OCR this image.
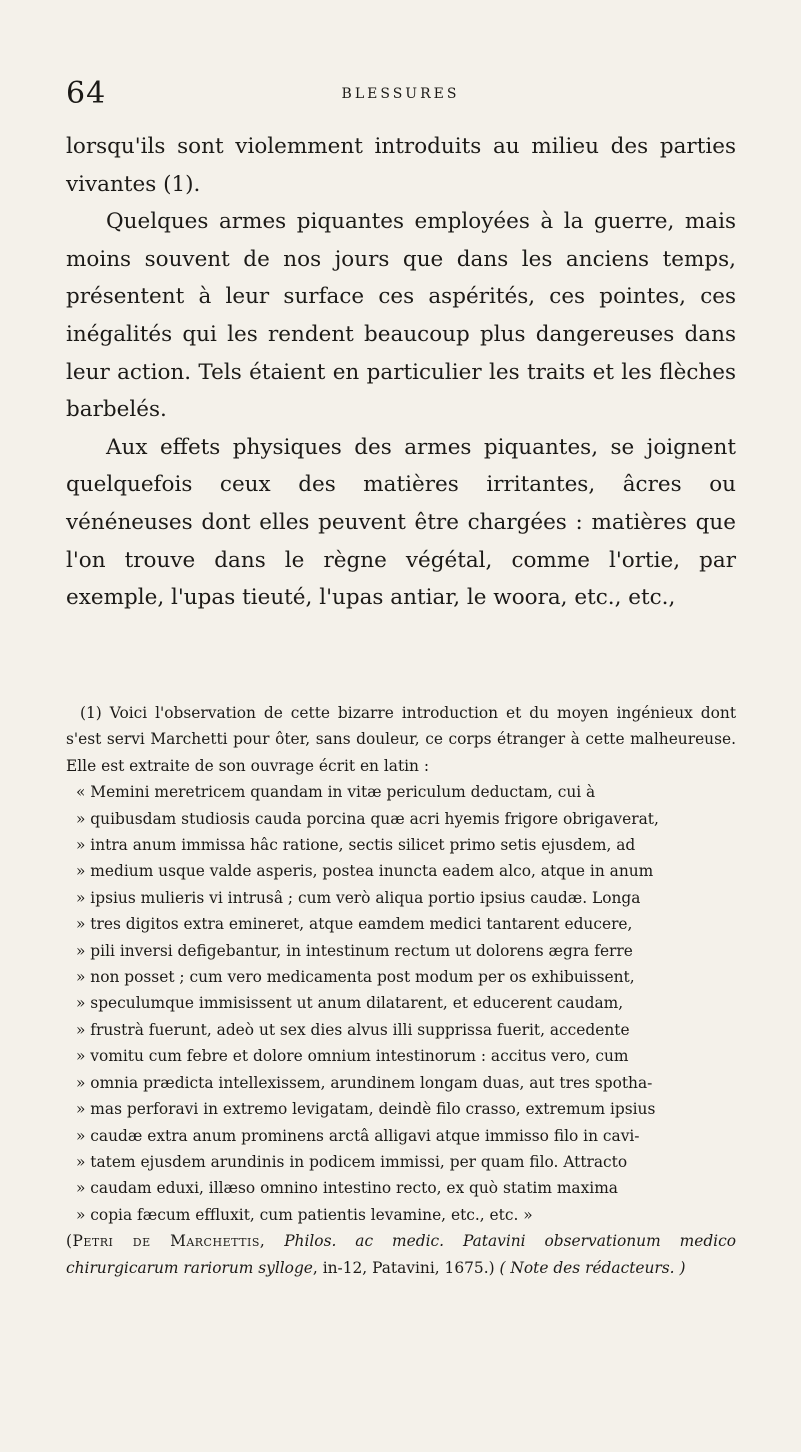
64	BLESSURES

lorsqu'ils sont violemment introduits au milieu des parties vivantes (1).

Quelques armes piquantes employées à la guerre, mais moins souvent de nos jours que dans les anciens temps, présentent à leur surface ces aspérités, ces pointes, ces inégalités qui les rendent beaucoup plus dangereuses dans leur action. Tels étaient en particulier les traits et les flèches barbelés.

Aux effets physiques des armes piquantes, se joignent quelquefois ceux des matières irritantes, âcres ou vénéneuses dont elles peuvent être chargées : matières que l'on trouve dans le règne végétal, comme l'ortie, par exemple, l'upas tieuté, l'upas antiar, le woora, etc., etc.,

(1) Voici l'observation de cette bizarre introduction et du moyen ingénieux dont s'est servi Marchetti pour ôter, sans douleur, ce corps étranger à cette malheureuse. Elle est extraite de son ouvrage écrit en latin :

« Memini meretricem quandam in vitæ periculum deductam, cui à
» quibusdam studiosis cauda porcina quæ acri hyemis frigore obrigaverat,
» intra anum immissa hâc ratione, sectis silicet primo setis ejusdem, ad
» medium usque valde asperis, postea inuncta eadem alco, atque in anum
» ipsius mulieris vi intrusâ ; cum verò aliqua portio ipsius caudæ. Longa
» tres digitos extra emineret, atque eamdem medici tantarent educere,
» pili inversi defigebantur, in intestinum rectum ut dolorens ægra ferre
» non posset ; cum vero medicamenta post modum per os exhibuissent,
» speculumque immisissent ut anum dilatarent, et educerent caudam,
» frustrà fuerunt, adeò ut sex dies alvus illi supprissa fuerit, accedente
» vomitu cum febre et dolore omnium intestinorum : accitus vero, cum
» omnia prædicta intellexissem, arundinem longam duas, aut tres spotha-
» mas perforavi in extremo levigatam, deindè filo crasso, extremum ipsius
» caudæ extra anum prominens arctâ alligavi atque immisso filo in cavi-
» tatem ejusdem arundinis in podicem immissi, per quam filo. Attracto
» caudam eduxi, illæso omnino intestino recto, ex quò statim maxima
» copia fæcum effluxit, cum patientis levamine, etc., etc. »
(Petri de Marchettis, Philos. ac medic. Patavini observationum medico chirurgicarum rariorum sylloge, in-12, Patavini, 1675.) ( Note des rédacteurs. )
